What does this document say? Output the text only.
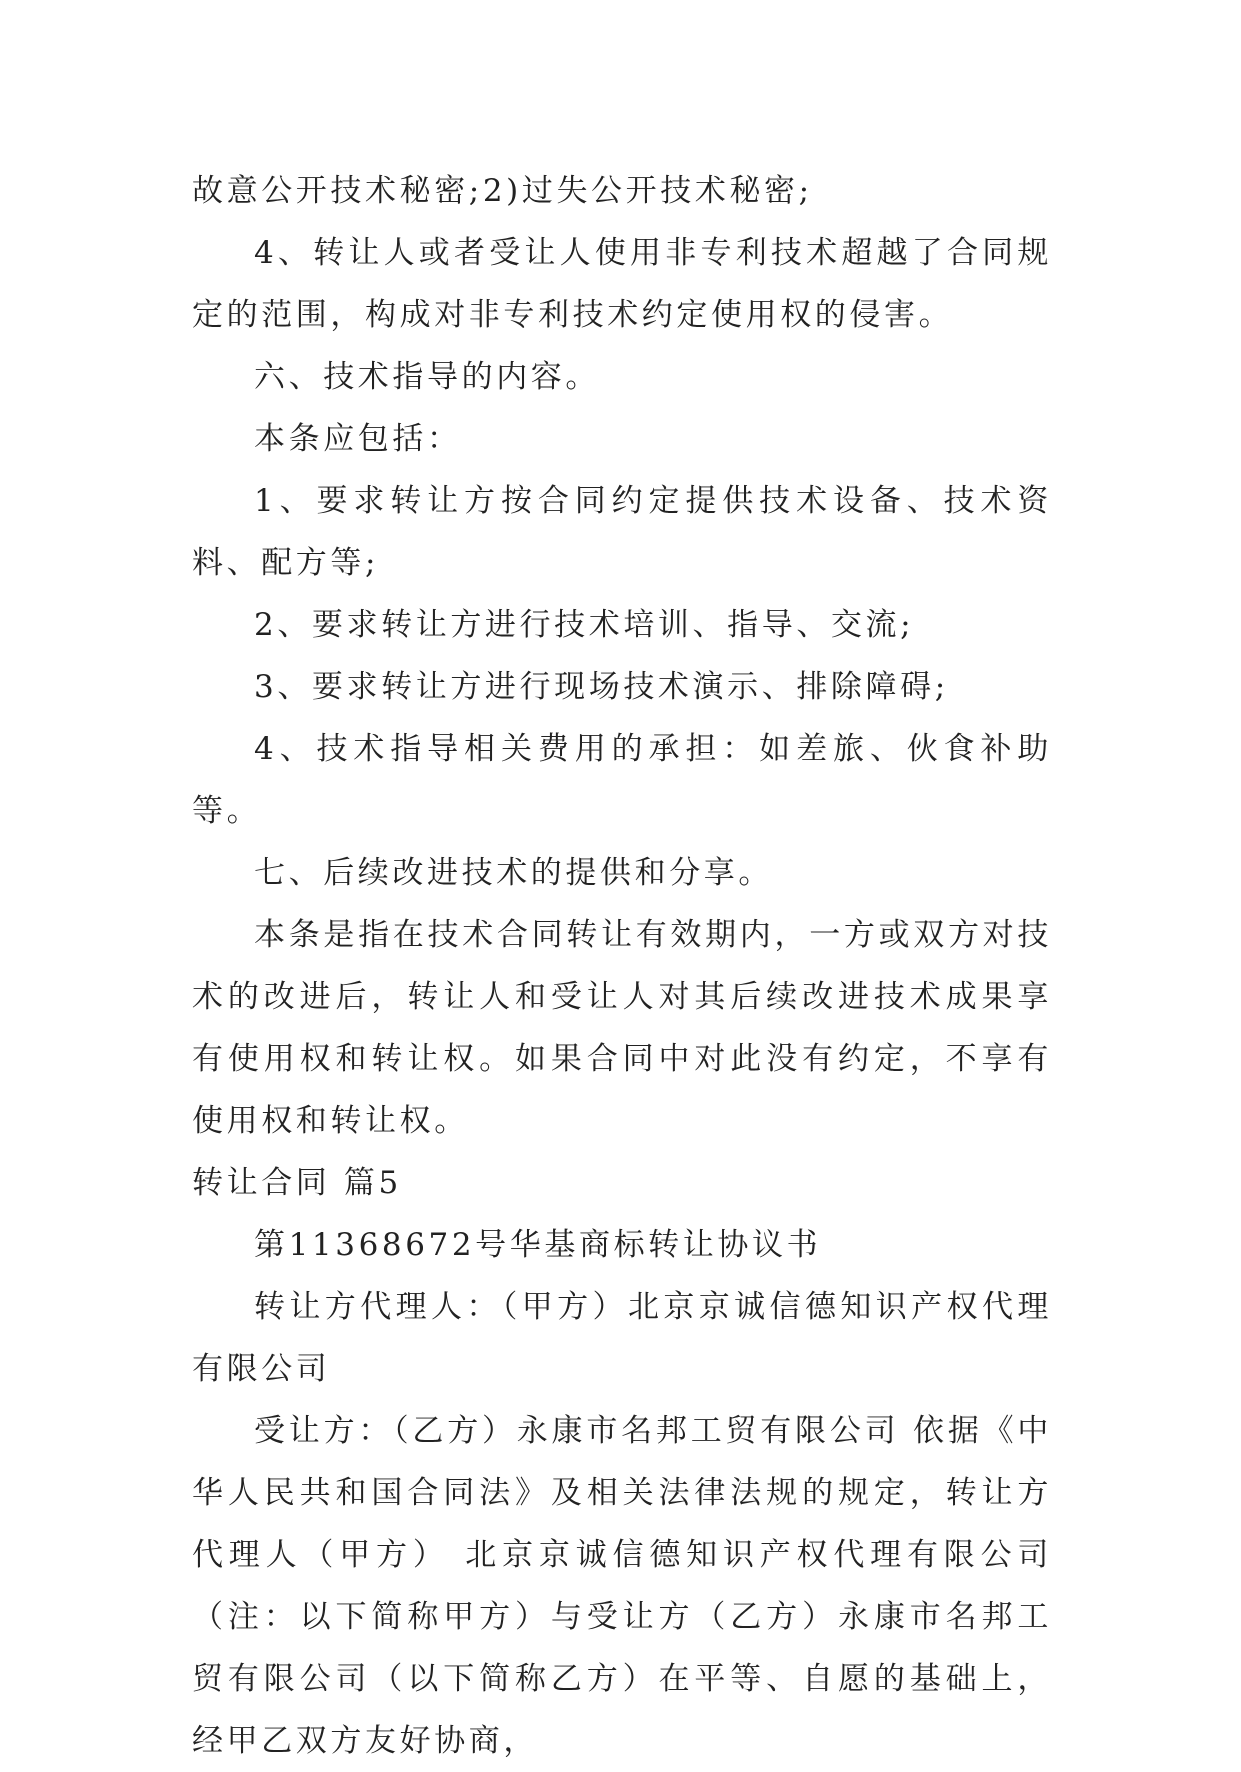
故意公开技术秘密;2)过失公开技术秘密;

4、转让人或者受让人使用非专利技术超越了合同规定的范围，构成对非专利技术约定使用权的侵害。

六、技术指导的内容。

本条应包括：

1、要求转让方按合同约定提供技术设备、技术资料、配方等;

2、要求转让方进行技术培训、指导、交流;

3、要求转让方进行现场技术演示、排除障碍;

4、技术指导相关费用的承担：如差旅、伙食补助等。

七、后续改进技术的提供和分享。

本条是指在技术合同转让有效期内，一方或双方对技术的改进后，转让人和受让人对其后续改进技术成果享有使用权和转让权。如果合同中对此没有约定，不享有使用权和转让权。

转让合同 篇5

第11368672号华基商标转让协议书

转让方代理人：（甲方）北京京诚信德知识产权代理有限公司

受让方：（乙方）永康市名邦工贸有限公司 依据《中华人民共和国合同法》及相关法律法规的规定，转让方代理人（甲方） 北京京诚信德知识产权代理有限公司 （注：以下简称甲方）与受让方（乙方）永康市名邦工贸有限公司（以下简称乙方）在平等、自愿的基础上，经甲乙双方友好协商，
